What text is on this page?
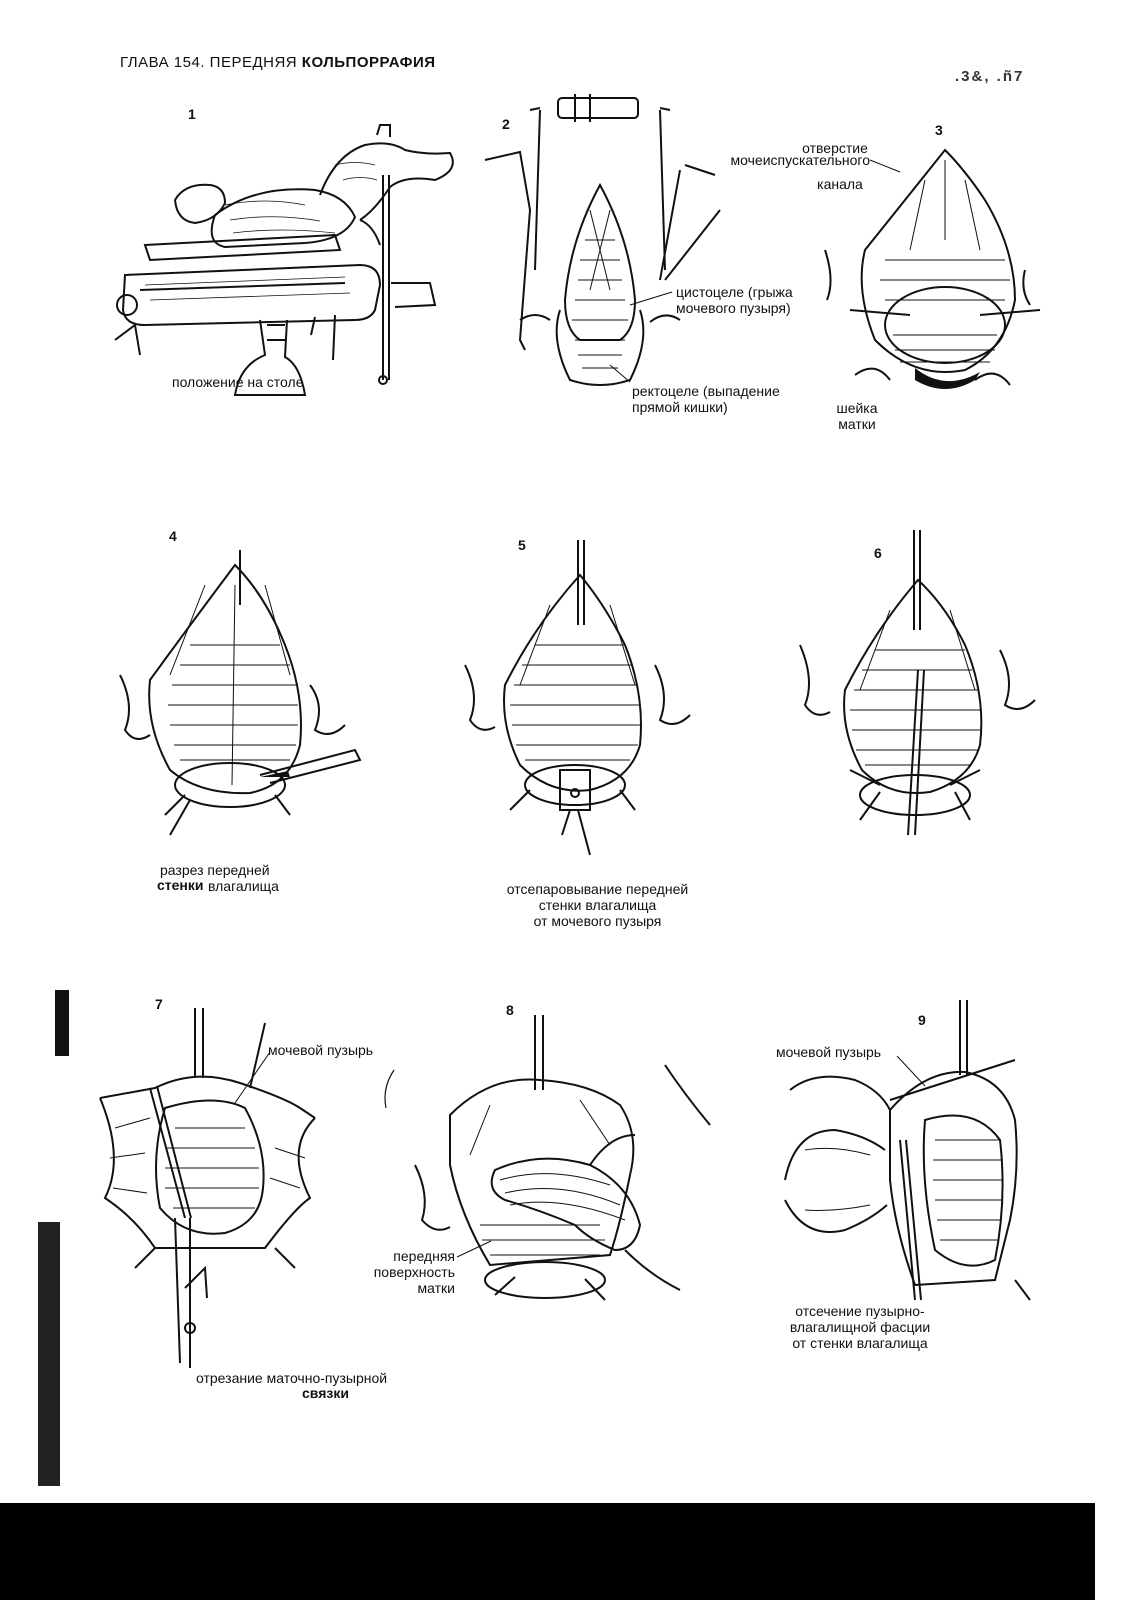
ГЛАВА 154. ПЕРЕДНЯЯ КОЛЬПОРРАФИЯ
.3&, .ñ7
1
положение на столе
2
мочеиспускательного
цистоцеле (грыжа
мочевого пузыря)
ректоцеле (выпадение
прямой кишки)
3
отверстие
канала
шейка
матки
4
разрез передней
стенки влагалища
5
отсепаровывание передней
стенки влагалища
от мочевого пузыря
6
7
мочевой пузырь
отрезание маточно-пузырной
связки
8
передняя
поверхность
матки
9
мочевой пузырь
отсечение пузырно-
влагалищной фасции
от стенки влагалища
